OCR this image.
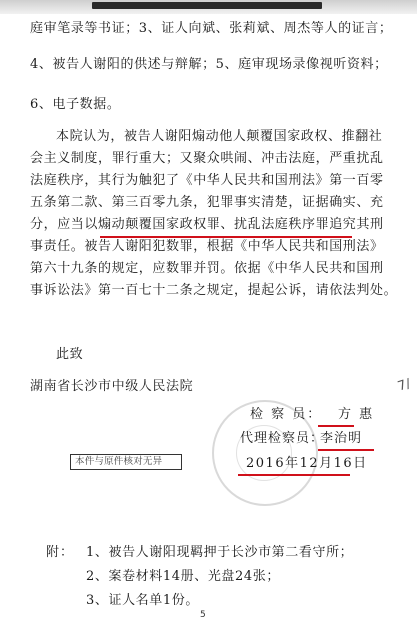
庭审笔录等书证；3、证人向斌、张莉斌、周杰等人的证言；
4、被告人谢阳的供述与辩解；5、庭审现场录像视听资料；
6、电子数据。
本院认为，被告人谢阳煽动他人颠覆国家政权、推翻社
会主义制度，罪行重大；又聚众哄闹、冲击法庭，严重扰乱
法庭秩序，其行为触犯了《中华人民共和国刑法》第一百零
五条第二款、第三百零九条，犯罪事实清楚，证据确实、充
分，应当以煽动颠覆国家政权罪、扰乱法庭秩序罪追究其刑
事责任。被告人谢阳犯数罪，根据《中华人民共和国刑法》
第六十九条的规定，应数罪并罚。依据《中华人民共和国刑
事诉讼法》第一百七十二条之规定，提起公诉，请依法判处。
此致
湖南省长沙市中级人民法院	7/
本件与原件核对无异
检 察 员： 方 惠
代理检察员：
李治明
2016年12月16日
附： 1、被告人谢阳现羁押于长沙市第二看守所；
2、案卷材料14册、光盘24张；
3、证人名单1份。
5
